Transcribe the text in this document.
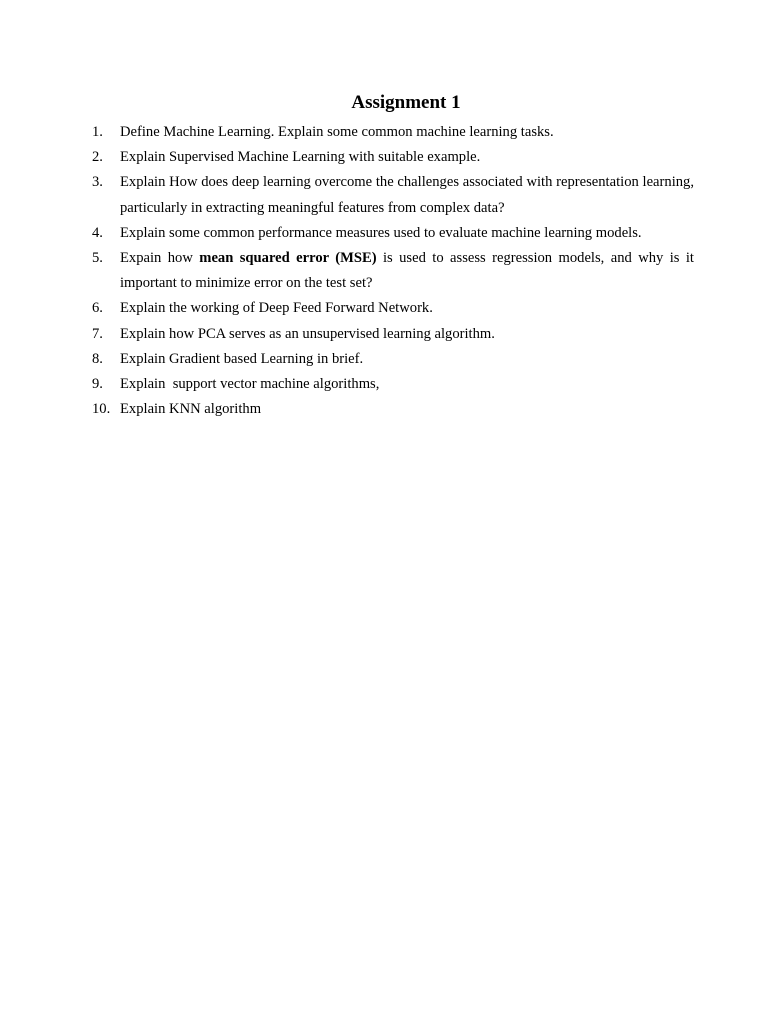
Assignment 1
1.	Define Machine Learning. Explain some common machine learning tasks.
2.	Explain Supervised Machine Learning with suitable example.
3.	Explain How does deep learning overcome the challenges associated with representation learning, particularly in extracting meaningful features from complex data?
4.	Explain some common performance measures used to evaluate machine learning models.
5.	Expain how mean squared error (MSE) is used to assess regression models, and why is it important to minimize error on the test set?
6.	Explain the working of Deep Feed Forward Network.
7.	Explain how PCA serves as an unsupervised learning algorithm.
8.	Explain Gradient based Learning in brief.
9.	Explain  support vector machine algorithms,
10. Explain KNN algorithm
